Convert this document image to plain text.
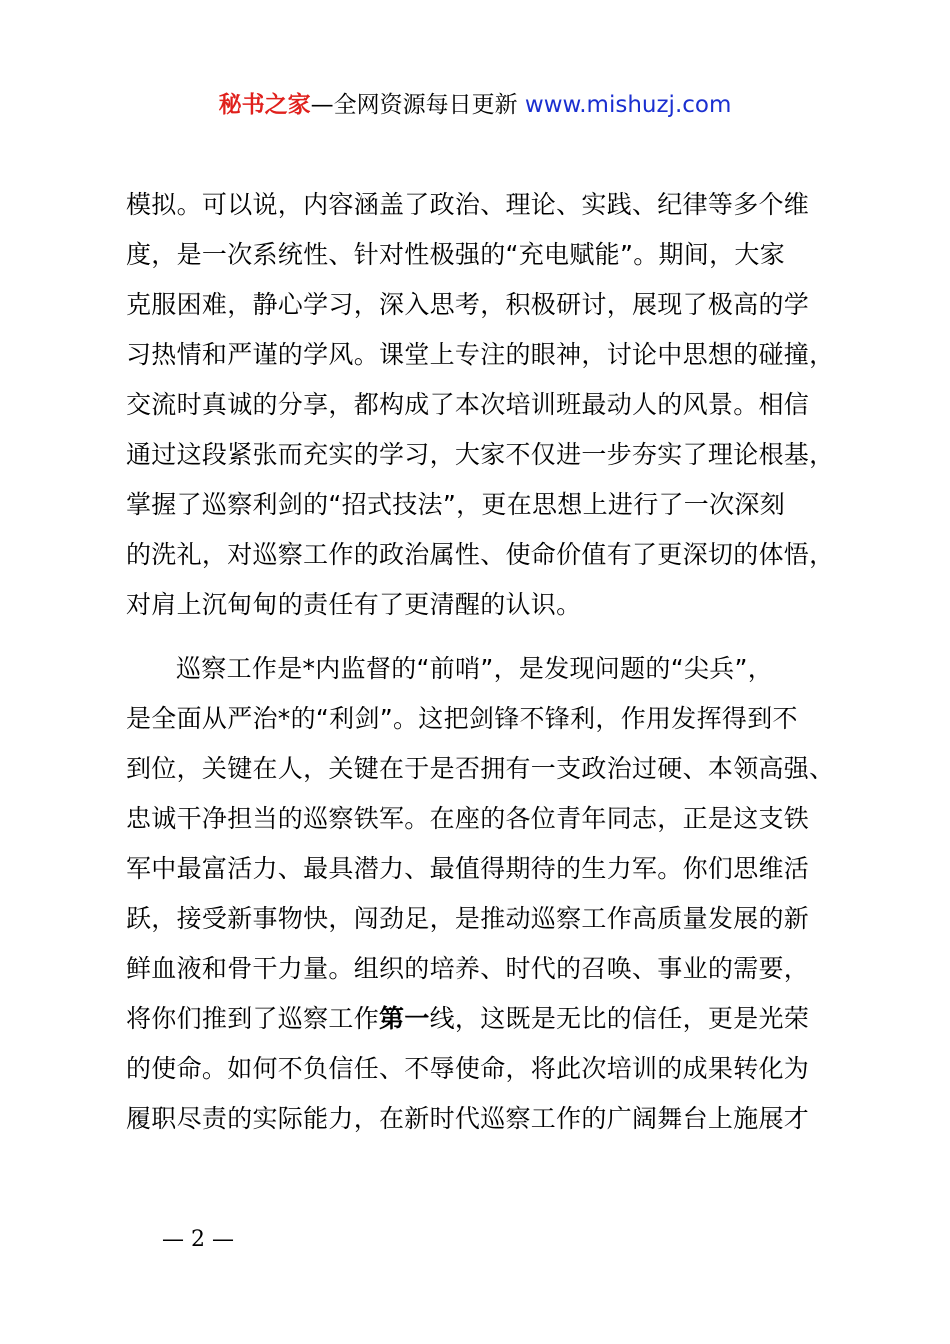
秘书之家—全网资源每日更新 www.mishuzj.com
模拟。可以说，内容涵盖了政治、理论、实践、纪律等多个维
度，是一次系统性、针对性极强的“充电赋能”。期间，大家
克服困难，静心学习，深入思考，积极研讨，展现了极高的学
习热情和严谨的学风。课堂上专注的眼神，讨论中思想的碰撞，
交流时真诚的分享，都构成了本次培训班最动人的风景。相信
通过这段紧张而充实的学习，大家不仅进一步夯实了理论根基，
掌握了巡察利剑的“招式技法”，更在思想上进行了一次深刻
的洗礼，对巡察工作的政治属性、使命价值有了更深切的体悟，
对肩上沉甸甸的责任有了更清醒的认识。
巡察工作是*内监督的“前哨”，是发现问题的“尖兵”，
是全面从严治*的“利剑”。这把剑锋不锋利，作用发挥得到不
到位，关键在人，关键在于是否拥有一支政治过硬、本领高强、
忠诚干净担当的巡察铁军。在座的各位青年同志，正是这支铁
军中最富活力、最具潜力、最值得期待的生力军。你们思维活
跃，接受新事物快，闯劲足，是推动巡察工作高质量发展的新
鲜血液和骨干力量。组织的培养、时代的召唤、事业的需要，
将你们推到了巡察工作第一线，这既是无比的信任，更是光荣
的使命。如何不负信任、不辱使命，将此次培训的成果转化为
履职尽责的实际能力，在新时代巡察工作的广阔舞台上施展才
— 2 —
